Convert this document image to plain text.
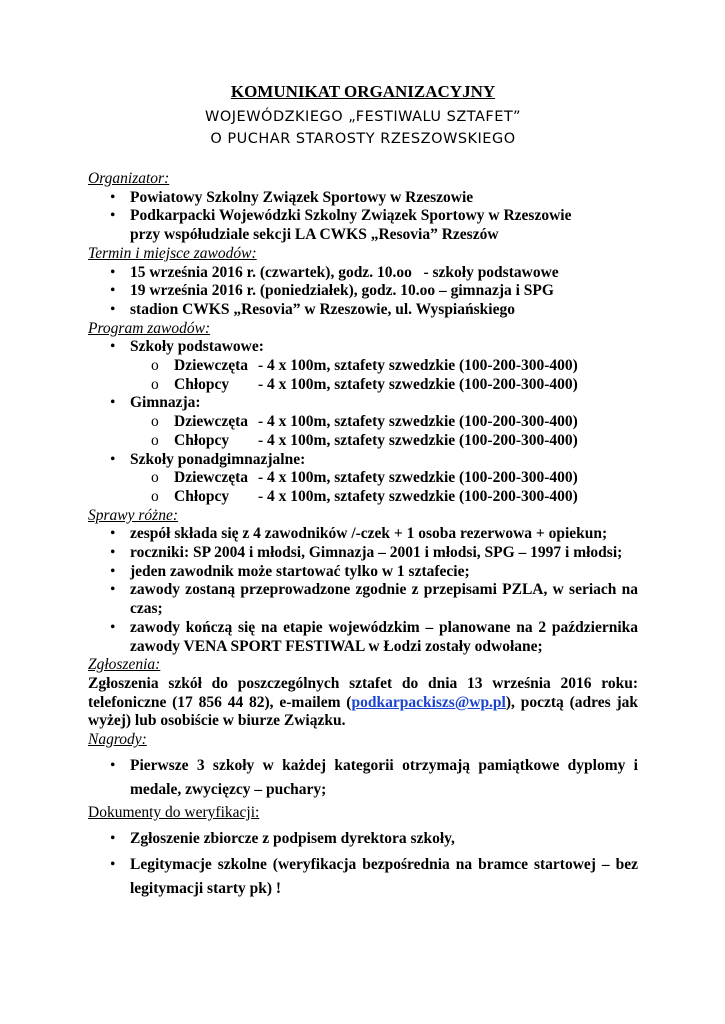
KOMUNIKAT ORGANIZACYJNY
WOJEWÓDZKIEGO „FESTIWALU SZTAFET”
O PUCHAR STAROSTY RZESZOWSKIEGO
Organizator:
• Powiatowy Szkolny Związek Sportowy w Rzeszowie
• Podkarpacki Wojewódzki Szkolny Związek Sportowy w Rzeszowie
przy współudziale sekcji LA CWKS „Resovia” Rzeszów
Termin i miejsce zawodów:
• 15 września 2016 r. (czwartek), godz. 10.oo   - szkoły podstawowe
• 19 września 2016 r. (poniedziałek), godz. 10.oo – gimnazja i SPG
• stadion CWKS „Resovia” w Rzeszowie, ul. Wyspiańskiego
Program zawodów:
• Szkoły podstawowe:
o Dziewczęta - 4 x 100m, sztafety szwedzkie (100-200-300-400)
o Chłopcy - 4 x 100m, sztafety szwedzkie (100-200-300-400)
• Gimnazja:
o Dziewczęta - 4 x 100m, sztafety szwedzkie (100-200-300-400)
o Chłopcy - 4 x 100m, sztafety szwedzkie (100-200-300-400)
• Szkoły ponadgimnazjalne:
o Dziewczęta - 4 x 100m, sztafety szwedzkie (100-200-300-400)
o Chłopcy - 4 x 100m, sztafety szwedzkie (100-200-300-400)
Sprawy różne:
• zespół składa się z 4 zawodników /-czek + 1 osoba rezerwowa + opiekun;
• roczniki: SP 2004 i młodsi, Gimnazja – 2001 i młodsi, SPG – 1997 i młodsi;
• jeden zawodnik może startować tylko w 1 sztafecie;
• zawody zostaną przeprowadzone zgodnie z przepisami PZLA, w seriach na czas;
• zawody kończą się na etapie wojewódzkim – planowane na 2 października zawody VENA SPORT FESTIWAL w Łodzi zostały odwołane;
Zgłoszenia:
Zgłoszenia szkół do poszczególnych sztafet do dnia 13 września 2016 roku: telefoniczne (17 856 44 82), e-mailem (podkarpackiszs@wp.pl), pocztą (adres jak wyżej) lub osobiście w biurze Związku.
Nagrody:
• Pierwsze 3 szkoły w każdej kategorii otrzymają pamiątkowe dyplomy i medale, zwycięzcy – puchary;
Dokumenty do weryfikacji:
• Zgłoszenie zbiorcze z podpisem dyrektora szkoły,
• Legitymacje szkolne (weryfikacja bezpośrednia na bramce startowej – bez legitymacji starty pk) !
